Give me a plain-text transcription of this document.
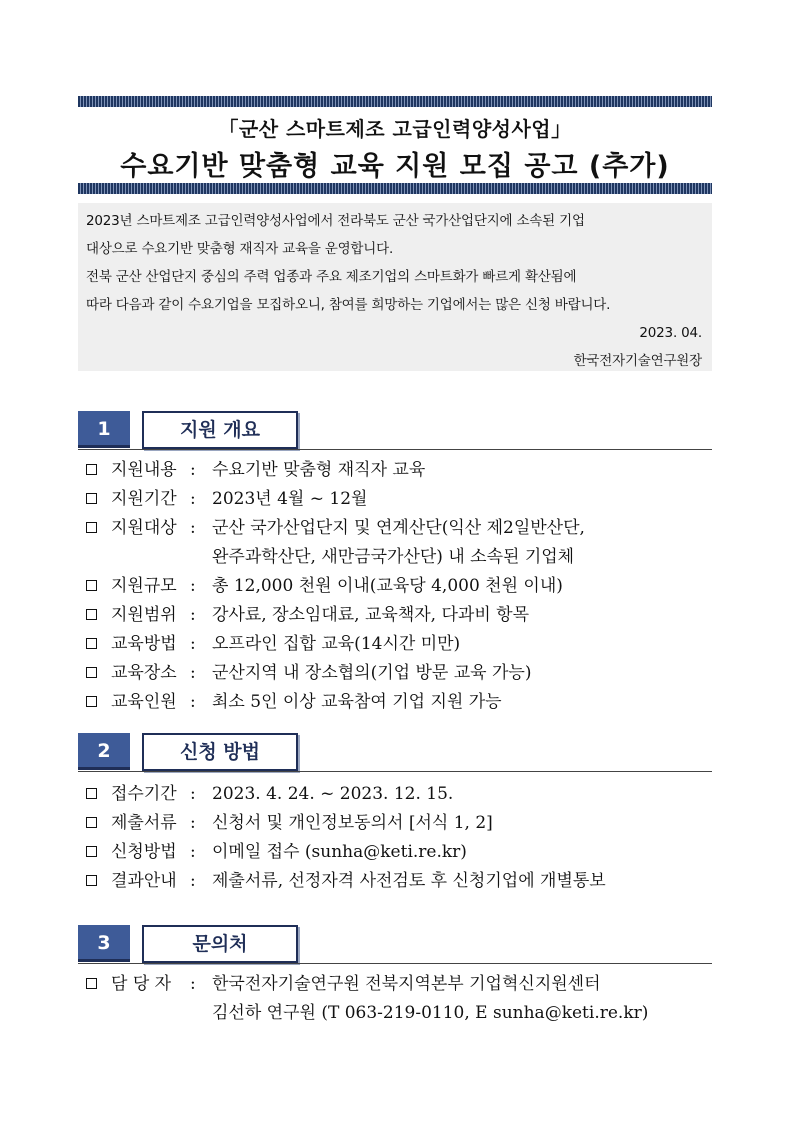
「군산 스마트제조 고급인력양성사업」
수요기반 맞춤형 교육 지원 모집 공고 (추가)
2023년 스마트제조 고급인력양성사업에서 전라북도 군산 국가산업단지에 소속된 기업
대상으로 수요기반 맞춤형 재직자 교육을 운영합니다.
전북 군산 산업단지 중심의 주력 업종과 주요 제조기업의 스마트화가 빠르게 확산됨에
따라 다음과 같이 수요기업을 모집하오니, 참여를 희망하는 기업에서는 많은 신청 바랍니다.
2023. 04.
한국전자기술연구원장
1	지원 개요
지원내용 : 수요기반 맞춤형 재직자 교육
지원기간 : 2023년 4월 ~ 12월
지원대상 : 군산 국가산업단지 및 연계산단(익산 제2일반산단,
완주과학산단, 새만금국가산단) 내 소속된 기업체
지원규모 : 총 12,000 천원 이내(교육당 4,000 천원 이내)
지원범위 : 강사료, 장소임대료, 교육책자, 다과비 항목
교육방법 : 오프라인 집합 교육(14시간 미만)
교육장소 : 군산지역 내 장소협의(기업 방문 교육 가능)
교육인원 : 최소 5인 이상 교육참여 기업 지원 가능
2	신청 방법
접수기간 : 2023. 4. 24. ~ 2023. 12. 15.
제출서류 : 신청서 및 개인정보동의서 [서식 1, 2]
신청방법 : 이메일 접수 (sunha@keti.re.kr)
결과안내 : 제출서류, 선정자격 사전검토 후 신청기업에 개별통보
3	문의처
담 당 자 : 한국전자기술연구원 전북지역본부 기업혁신지원센터
김선하 연구원 (T 063-219-0110, E sunha@keti.re.kr)
